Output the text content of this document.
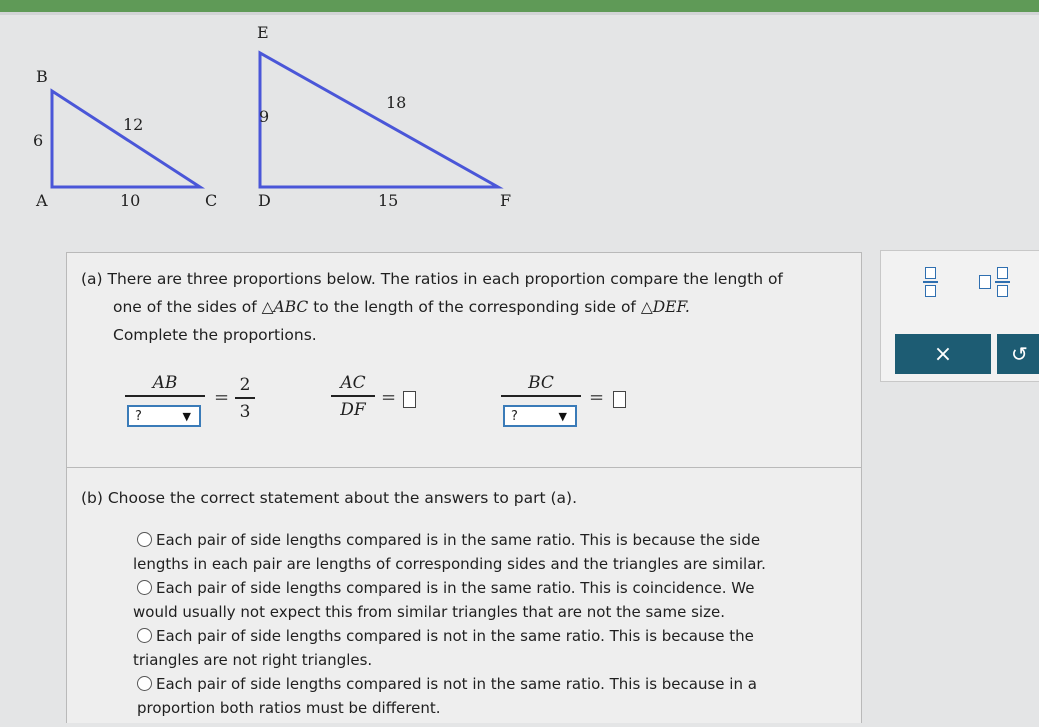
B
A	C
6
12
10
E
D	F
9
18
15
(a) There are three proportions below. The ratios in each proportion compare the length of
one of the sides of △ABC to the length of the corresponding side of △DEF.
Complete the proportions.
AB
?	▼
=
2
3
AC
DF
=
BC
?	▼
=
(b) Choose the correct statement about the answers to part (a).
Each pair of side lengths compared is in the same ratio. This is because the side
lengths in each pair are lengths of corresponding sides and the triangles are similar.
Each pair of side lengths compared is in the same ratio. This is coincidence. We
would usually not expect this from similar triangles that are not the same size.
Each pair of side lengths compared is not in the same ratio. This is because the
triangles are not right triangles.
Each pair of side lengths compared is not in the same ratio. This is because in a
proportion both ratios must be different.
×	↺
